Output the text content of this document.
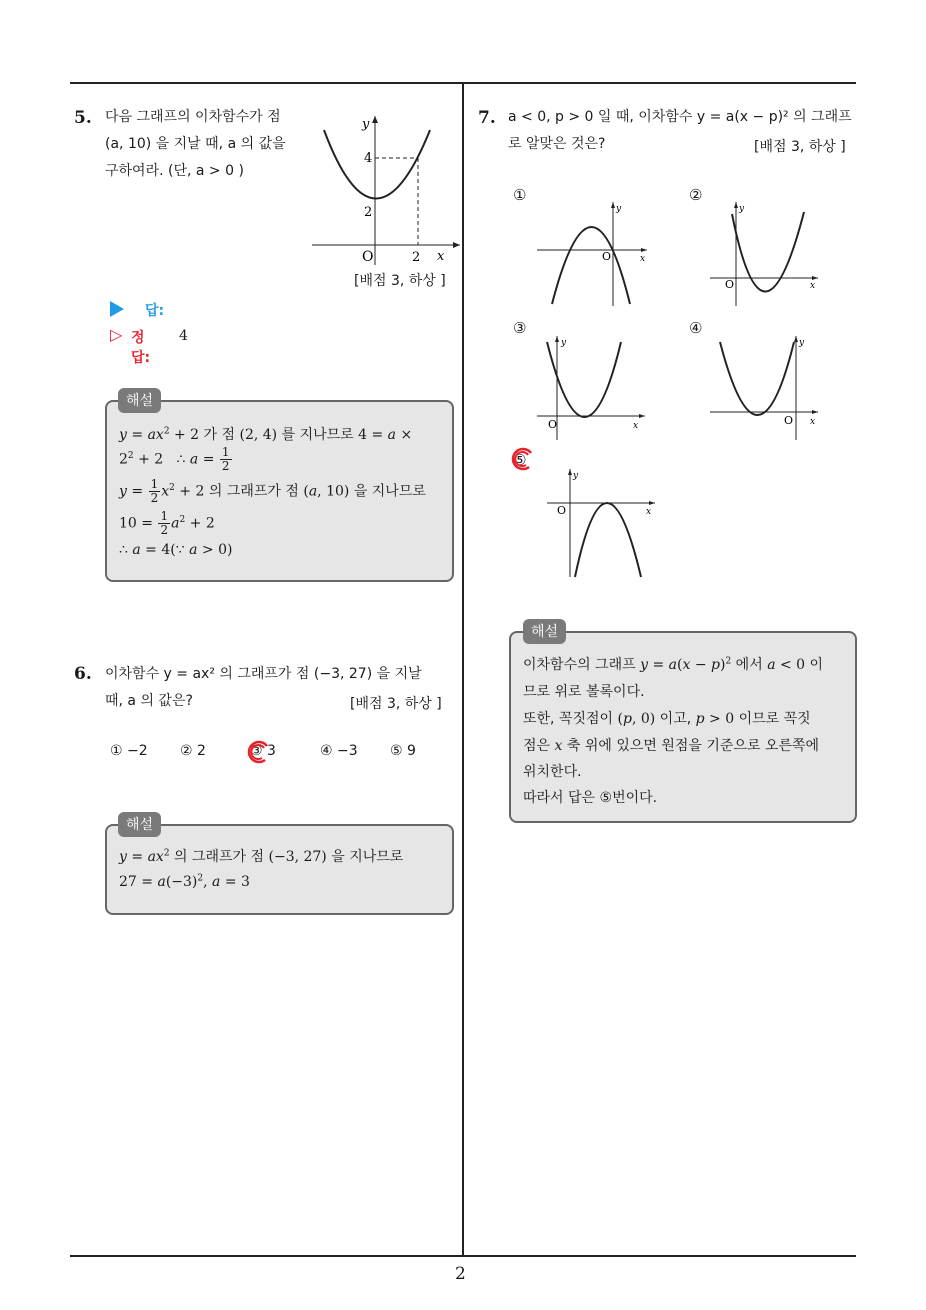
2
5. 다음 그래프의 이차함수가 점
(a, 10) 을 지날 때, a 의 값을
구하여라. (단, a > 0 )
y
x
O
4
2
2
[배점 3, 하상 ]
답:
▷ 정답:
4
$y = ax^2 + 2$ 가 점 (2, 4) 를 지나므로 4 = a ×
$2^2 + 2$   ∴ $a = \frac{1}{2}$
$y = \frac{1}{2} x^2 + 2$ 의 그래프가 점 (a, 10) 을 지나므로
$10 = \frac{1}{2} a^2 + 2$
∴ a = 4(∵ a > 0)
해설
6. 이차함수 y = ax² 의 그래프가 점 (−3, 27) 을 지날
때, a 의 값은?	[배점 3, 하상 ]
① −2 ② 2	③ 3	④ −3 ⑤ 9
$y = ax^2$ 의 그래프가 점 (−3, 27) 을 지나므로
$27 = a(-3)^2$, a = 3
해설
7. a < 0, p > 0 일 때, 이차함수 y = a(x − p)² 의 그래프
로 알맞은 것은?	[배점 3, 하상 ]
①	②
③	④
⑤
y
x
O
y
x
O
y
x
O
y
x
O
y
x
O
이차함수의 그래프 $y = a(x - p)^2$ 에서 a < 0 이
므로 위로 볼록이다.
또한, 꼭짓점이 (p, 0) 이고, p > 0 이므로 꼭짓
점은 x 축 위에 있으면 원점을 기준으로 오른쪽에
위치한다.
따라서 답은 ⑤번이다.
해설
